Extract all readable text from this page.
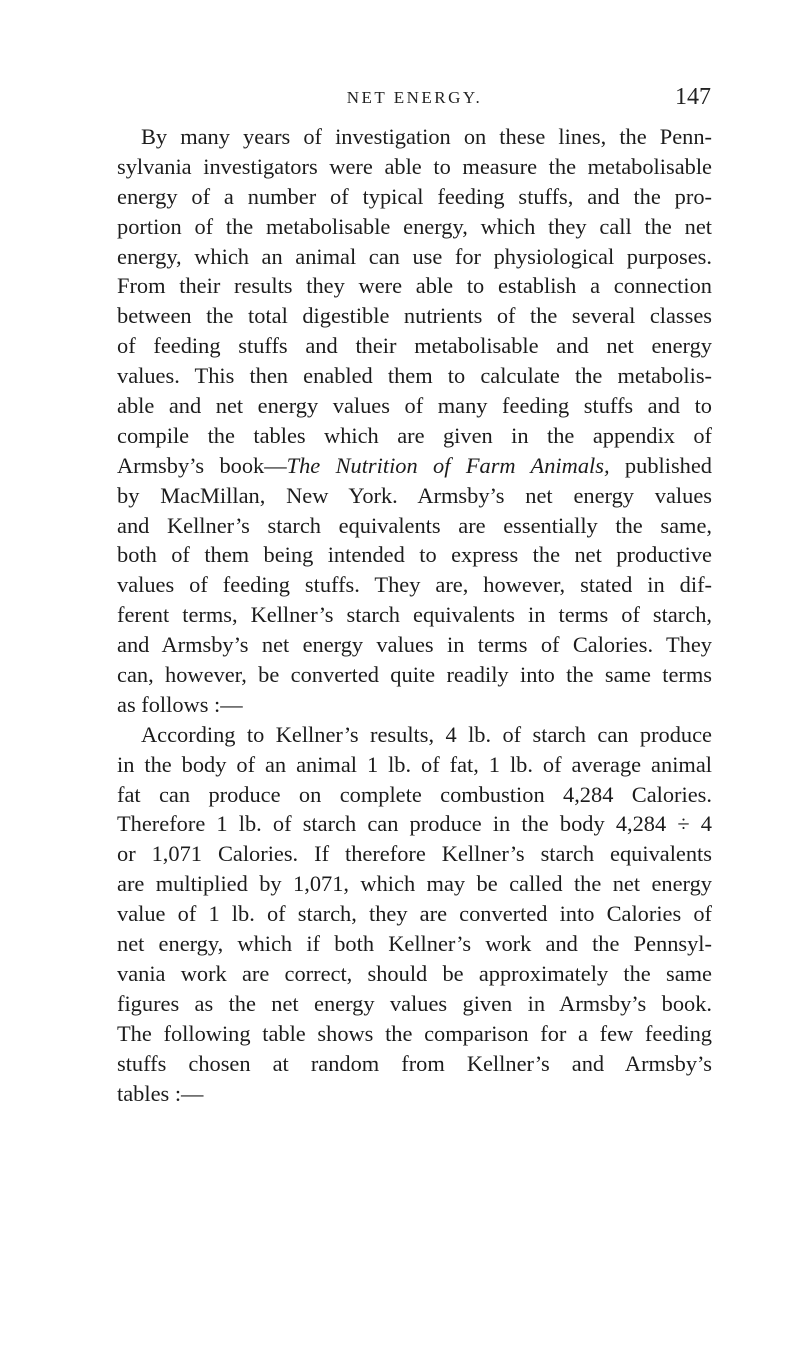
NET ENERGY.	147
By many years of investigation on these lines, the Penn-
sylvania investigators were able to measure the metabolisable
energy of a number of typical feeding stuffs, and the pro-
portion of the metabolisable energy, which they call the net
energy, which an animal can use for physiological purposes.
From their results they were able to establish a connection
between the total digestible nutrients of the several classes
of feeding stuffs and their metabolisable and net energy
values. This then enabled them to calculate the metabolis-
able and net energy values of many feeding stuffs and to
compile the tables which are given in the appendix of
Armsby’s book—The Nutrition of Farm Animals, published
by MacMillan, New York. Armsby’s net energy values
and Kellner’s starch equivalents are essentially the same,
both of them being intended to express the net productive
values of feeding stuffs. They are, however, stated in dif-
ferent terms, Kellner’s starch equivalents in terms of starch,
and Armsby’s net energy values in terms of Calories. They
can, however, be converted quite readily into the same terms
as follows :—
According to Kellner’s results, 4 lb. of starch can produce
in the body of an animal 1 lb. of fat, 1 lb. of average animal
fat can produce on complete combustion 4,284 Calories.
Therefore 1 lb. of starch can produce in the body 4,284 ÷ 4
or 1,071 Calories. If therefore Kellner’s starch equivalents
are multiplied by 1,071, which may be called the net energy
value of 1 lb. of starch, they are converted into Calories of
net energy, which if both Kellner’s work and the Pennsyl-
vania work are correct, should be approximately the same
figures as the net energy values given in Armsby’s book.
The following table shows the comparison for a few feeding
stuffs chosen at random from Kellner’s and Armsby’s
tables :—
